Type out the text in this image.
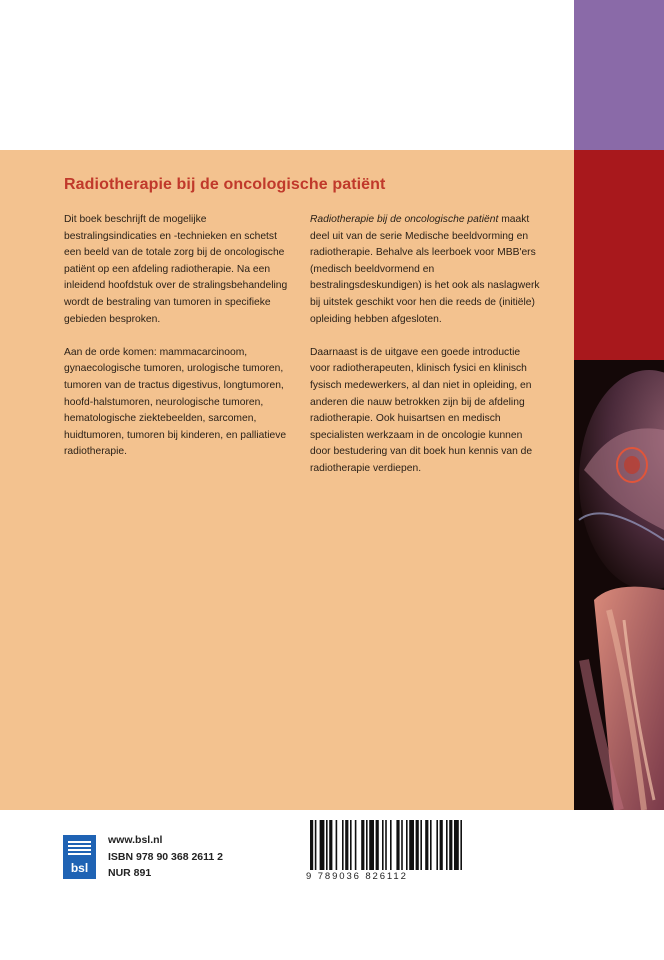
Radiotherapie bij de oncologische patiënt

Dit boek beschrijft de mogelijke bestralingsindicaties en -technieken en schetst een beeld van de totale zorg bij de oncologische patiënt op een afdeling radiotherapie. Na een inleidend hoofdstuk over de stralingsbehandeling wordt de bestraling van tumoren in specifieke gebieden besproken.

Aan de orde komen: mammacarcinoom, gynaecologische tumoren, urologische tumoren, tumoren van de tractus digestivus, longtumoren, hoofd-halstumoren, neurologische tumoren, hematologische ziektebeelden, sarcomen, huidtumoren, tumoren bij kinderen, en palliatieve radiotherapie.

Radiotherapie bij de oncologische patiënt maakt deel uit van de serie Medische beeldvorming en radiotherapie. Behalve als leerboek voor MBB'ers (medisch beeldvormend en bestralingsdeskundigen) is het ook als naslagwerk bij uitstek geschikt voor hen die reeds de (initiële) opleiding hebben afgesloten.

Daarnaast is de uitgave een goede introductie voor radiotherapeuten, klinisch fysici en klinisch fysisch medewerkers, al dan niet in opleiding, en anderen die nauw betrokken zijn bij de afdeling radiotherapie. Ook huisartsen en medisch specialisten werkzaam in de oncologie kunnen door bestudering van dit boek hun kennis van de radiotherapie verdiepen.

bsl
www.bsl.nl
ISBN 978 90 368 2611 2
NUR 891	9 789036 826112
